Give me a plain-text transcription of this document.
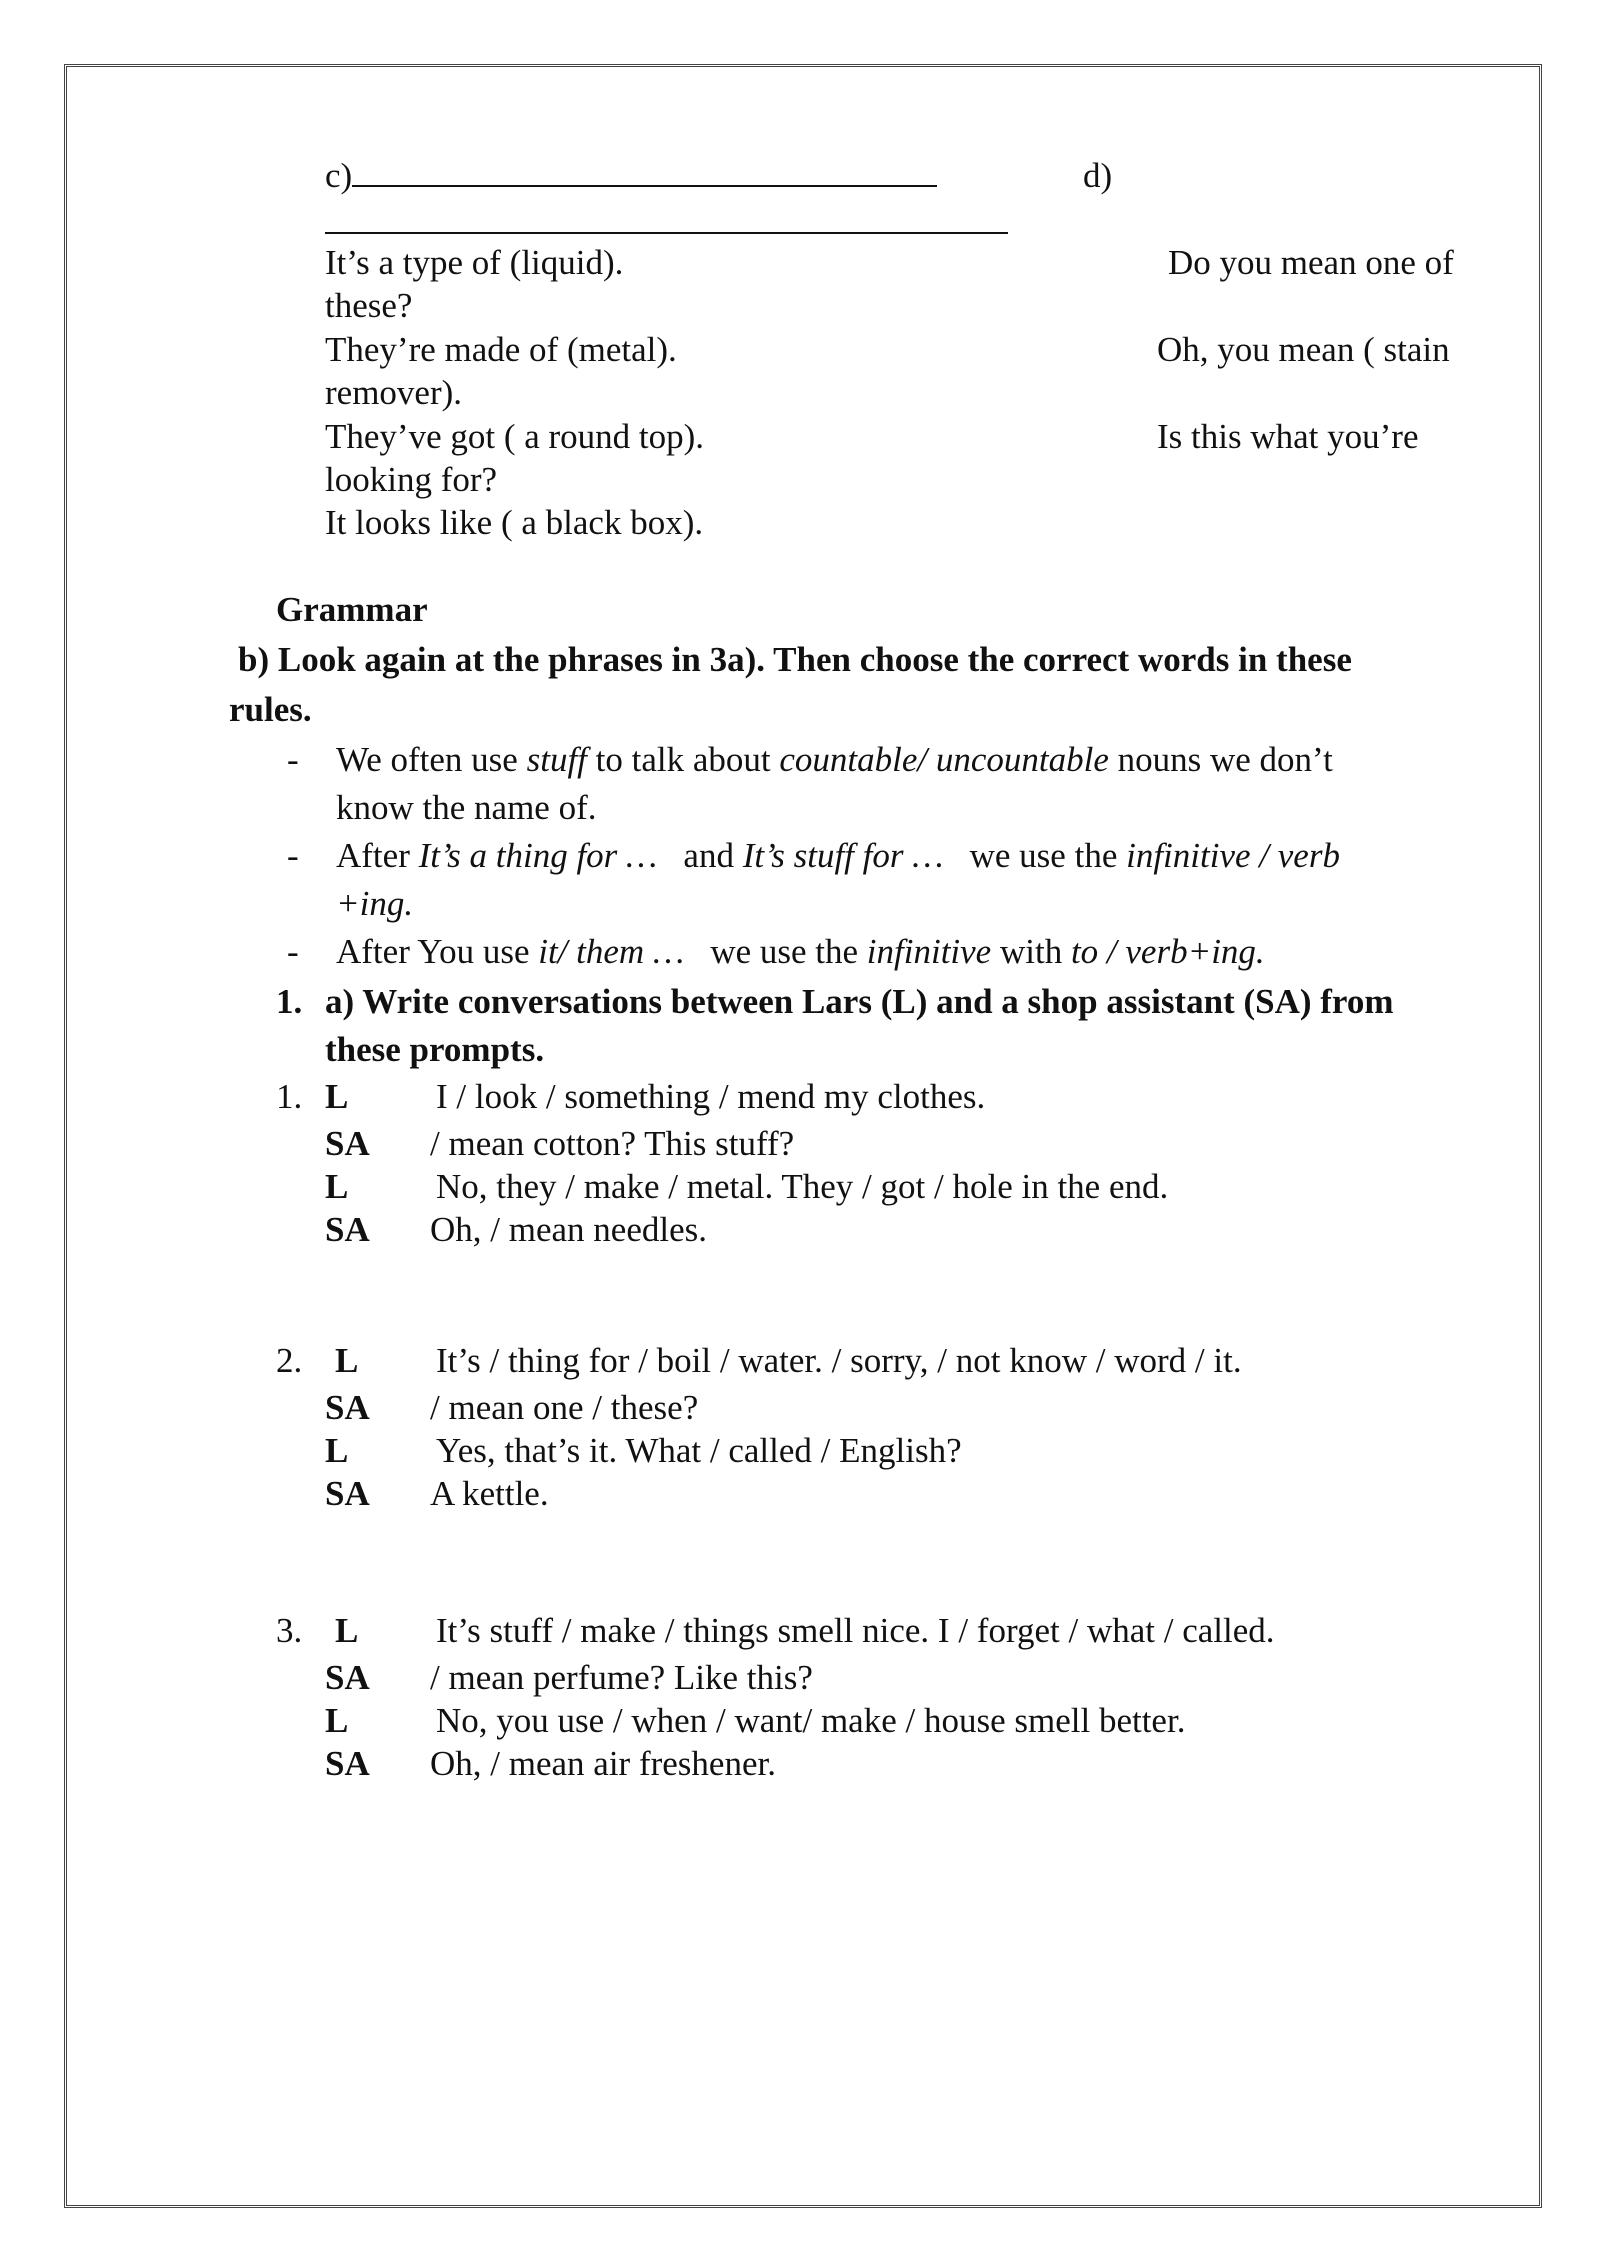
c)	d)
It’s a type of (liquid).	Do you mean one of
these?
They’re made of (metal).	Oh, you mean ( stain
remover).
They’ve got ( a round top).	Is this what you’re
looking for?
It looks like ( a black box).
Grammar
b) Look again at the phrases in 3a). Then choose the correct words in these
rules.
- We often use stuff to talk about countable/ uncountable nouns we don’t
know the name of.
- After It’s a thing for …   and It’s stuff for …   we use the infinitive / verb
+ing.
- After You use it/ them …   we use the infinitive with to / verb+ing.
1. a) Write conversations between Lars (L) and a shop assistant (SA) from
these prompts.
1. L	I / look / something / mend my clothes.
SA / mean cotton? This stuff?
L	No, they / make / metal. They / got / hole in the end.
SA Oh, / mean needles.
2. L It’s / thing for / boil / water. / sorry, / not know / word / it.
SA / mean one / these?
L	Yes, that’s it. What / called / English?
SA A kettle.
3. L It’s stuff / make / things smell nice. I / forget / what / called.
SA / mean perfume? Like this?
L	No, you use / when / want/ make / house smell better.
SA Oh, / mean air freshener.
